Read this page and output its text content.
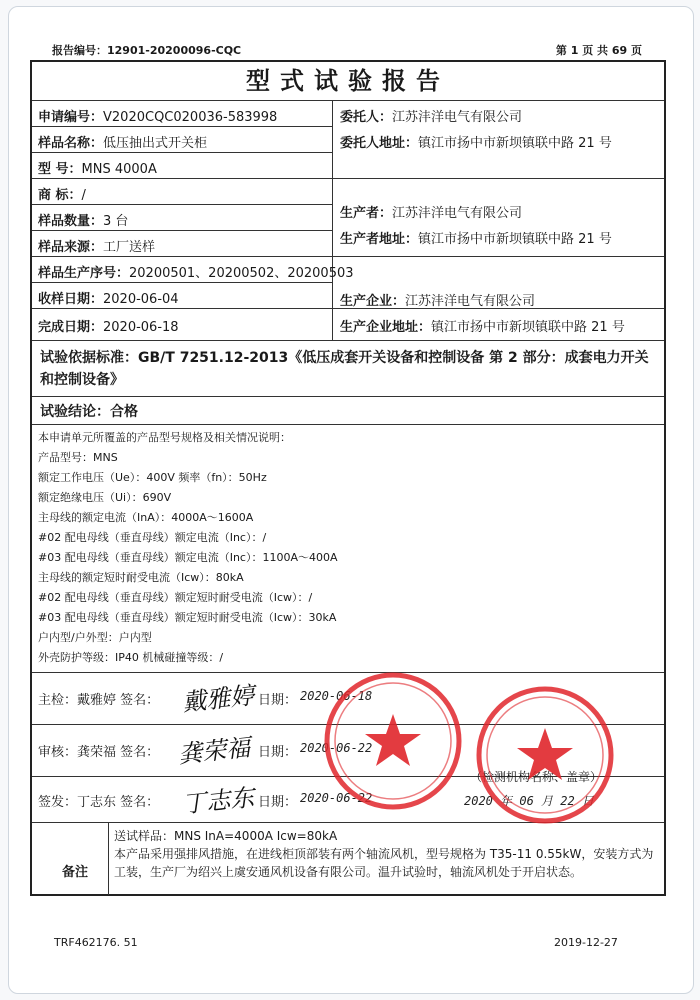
报告编号：12901-20200096-CQC	第 1 页 共 69 页
型式试验报告
申请编号：V2020CQC020036-583998
样品名称：低压抽出式开关柜
型 号：MNS 4000A
商 标：/
样品数量：3 台
样品来源：工厂送样
样品生产序号：20200501、20200502、20200503
收样日期：2020-06-04
完成日期：2020-06-18
委托人：江苏沣洋电气有限公司
委托人地址：镇江市扬中市新坝镇联中路 21 号
生产者：江苏沣洋电气有限公司
生产者地址：镇江市扬中市新坝镇联中路 21 号
生产企业：江苏沣洋电气有限公司
生产企业地址：镇江市扬中市新坝镇联中路 21 号
试验依据标准：GB/T 7251.12-2013《低压成套开关设备和控制设备 第 2 部分：成套电力开关和控制设备》
试验结论：合格
本申请单元所覆盖的产品型号规格及相关情况说明：
产品型号：MNS
额定工作电压（Ue）：400V 频率（fn）：50Hz
额定绝缘电压（Ui）：690V
主母线的额定电流（InA）：4000A～1600A
#02 配电母线（垂直母线）额定电流（Inc）：/
#03 配电母线（垂直母线）额定电流（Inc）：1100A～400A
主母线的额定短时耐受电流（Icw）：80kA
#02 配电母线（垂直母线）额定短时耐受电流（Icw）：/
#03 配电母线（垂直母线）额定短时耐受电流（Icw）：30kA
户内型/户外型：户内型
外壳防护等级：IP40 机械碰撞等级：/
主检：戴雅婷 签名： 戴雅婷 日期： 2020-06-18
审核：龚荣福 签名： 龚荣福 日期： 2020-06-22
签发：丁志东 签名： 丁志东 日期： 2020-06-22
（检测机构名称、盖章）
2020 年 06 月 22 日
备注
送试样品：MNS InA=4000A Icw=80kA
本产品采用强排风措施，在进线柜顶部装有两个轴流风机，型号规格为 T35-11 0.55kW，安装方式为工装，生产厂为绍兴上虞安通风机设备有限公司。温升试验时，轴流风机处于开启状态。
TRF462176. 51	2019-12-27
